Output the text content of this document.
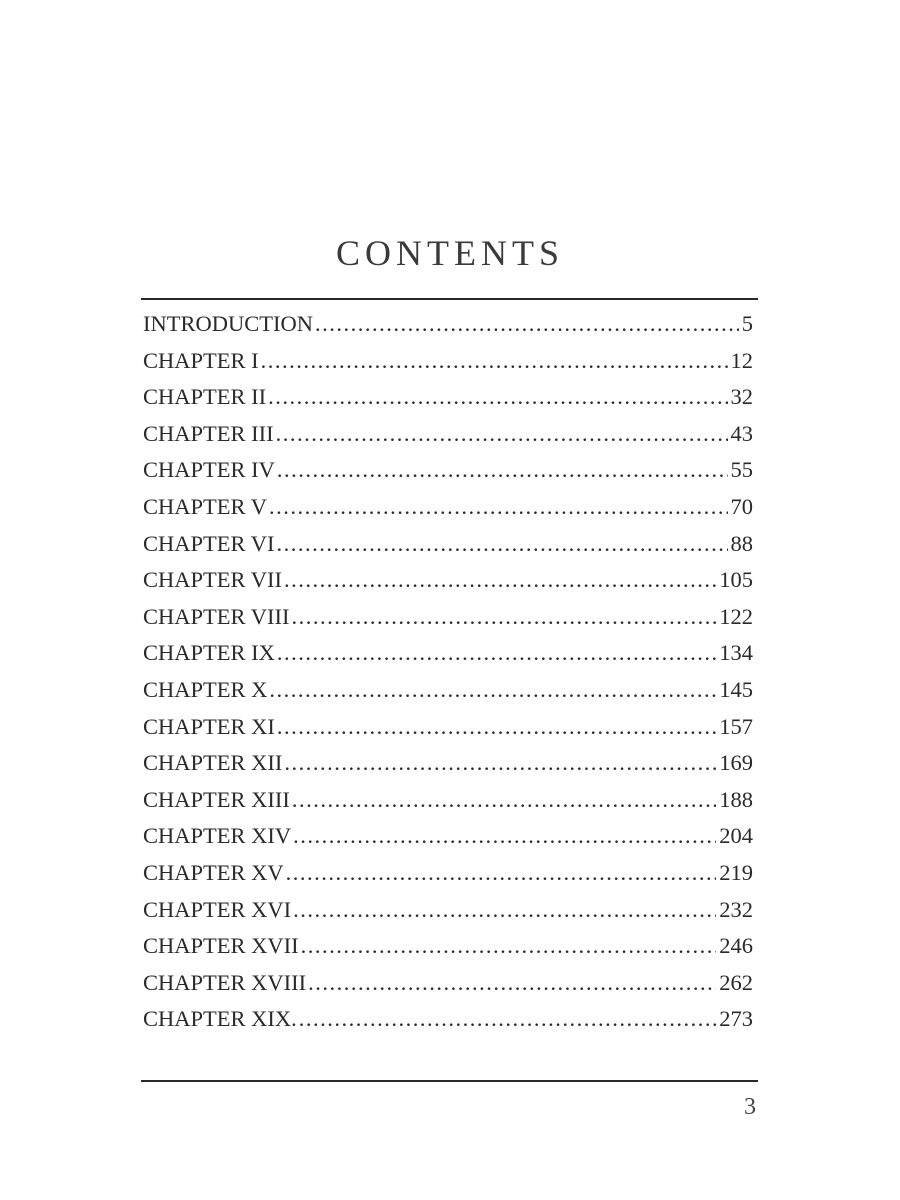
CONTENTS
INTRODUCTION .....	5
CHAPTER I .....	12
CHAPTER II .....	32
CHAPTER III .....	43
CHAPTER IV .....	55
CHAPTER V .....	70
CHAPTER VI .....	88
CHAPTER VII .....	105
CHAPTER VIII .....	122
CHAPTER IX .....	134
CHAPTER X .....	145
CHAPTER XI .....	157
CHAPTER XII .....	169
CHAPTER XIII .....	188
CHAPTER XIV .....	204
CHAPTER XV .....	219
CHAPTER XVI .....	232
CHAPTER XVII .....	246
CHAPTER XVIII .....	262
CHAPTER XIX. .....	273
3
